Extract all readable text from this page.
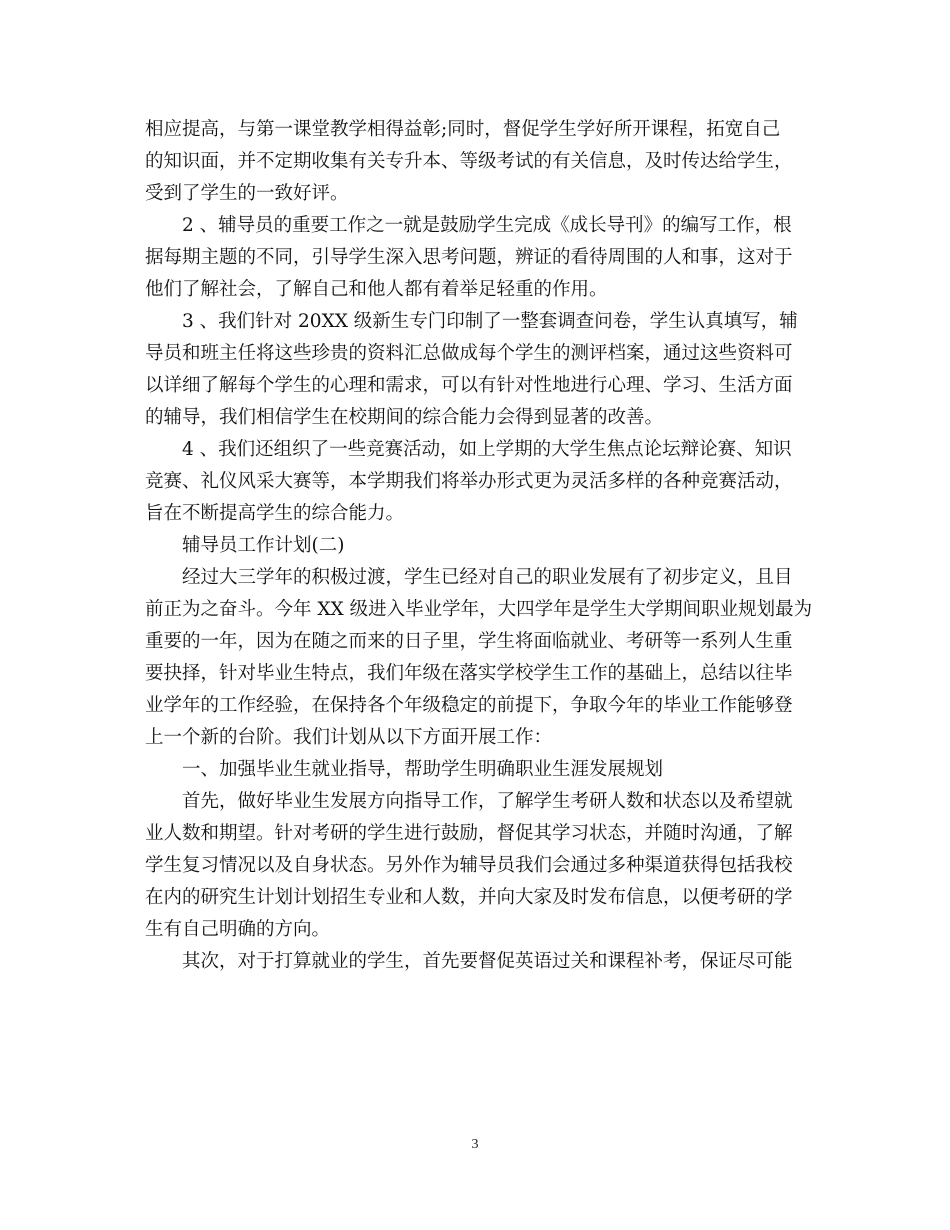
相应提高，与第一课堂教学相得益彰;同时，督促学生学好所开课程，拓宽自己
的知识面，并不定期收集有关专升本、等级考试的有关信息，及时传达给学生，
受到了学生的一致好评。

2 、辅导员的重要工作之一就是鼓励学生完成《成长导刊》的编写工作，根
据每期主题的不同，引导学生深入思考问题，辨证的看待周围的人和事，这对于
他们了解社会，了解自己和他人都有着举足轻重的作用。

3 、我们针对 20XX 级新生专门印制了一整套调查问卷，学生认真填写，辅
导员和班主任将这些珍贵的资料汇总做成每个学生的测评档案，通过这些资料可
以详细了解每个学生的心理和需求，可以有针对性地进行心理、学习、生活方面
的辅导，我们相信学生在校期间的综合能力会得到显著的改善。

4 、我们还组织了一些竞赛活动，如上学期的大学生焦点论坛辩论赛、知识
竞赛、礼仪风采大赛等，本学期我们将举办形式更为灵活多样的各种竞赛活动，
旨在不断提高学生的综合能力。

辅导员工作计划(二)

经过大三学年的积极过渡，学生已经对自己的职业发展有了初步定义，且目
前正为之奋斗。今年 XX 级进入毕业学年，大四学年是学生大学期间职业规划最为
重要的一年，因为在随之而来的日子里，学生将面临就业、考研等一系列人生重
要抉择，针对毕业生特点，我们年级在落实学校学生工作的基础上，总结以往毕
业学年的工作经验，在保持各个年级稳定的前提下，争取今年的毕业工作能够登
上一个新的台阶。我们计划从以下方面开展工作：

一、加强毕业生就业指导，帮助学生明确职业生涯发展规划

首先，做好毕业生发展方向指导工作，了解学生考研人数和状态以及希望就
业人数和期望。针对考研的学生进行鼓励，督促其学习状态，并随时沟通，了解
学生复习情况以及自身状态。另外作为辅导员我们会通过多种渠道获得包括我校
在内的研究生计划计划招生专业和人数，并向大家及时发布信息，以便考研的学
生有自己明确的方向。

其次，对于打算就业的学生，首先要督促英语过关和课程补考，保证尽可能

3
